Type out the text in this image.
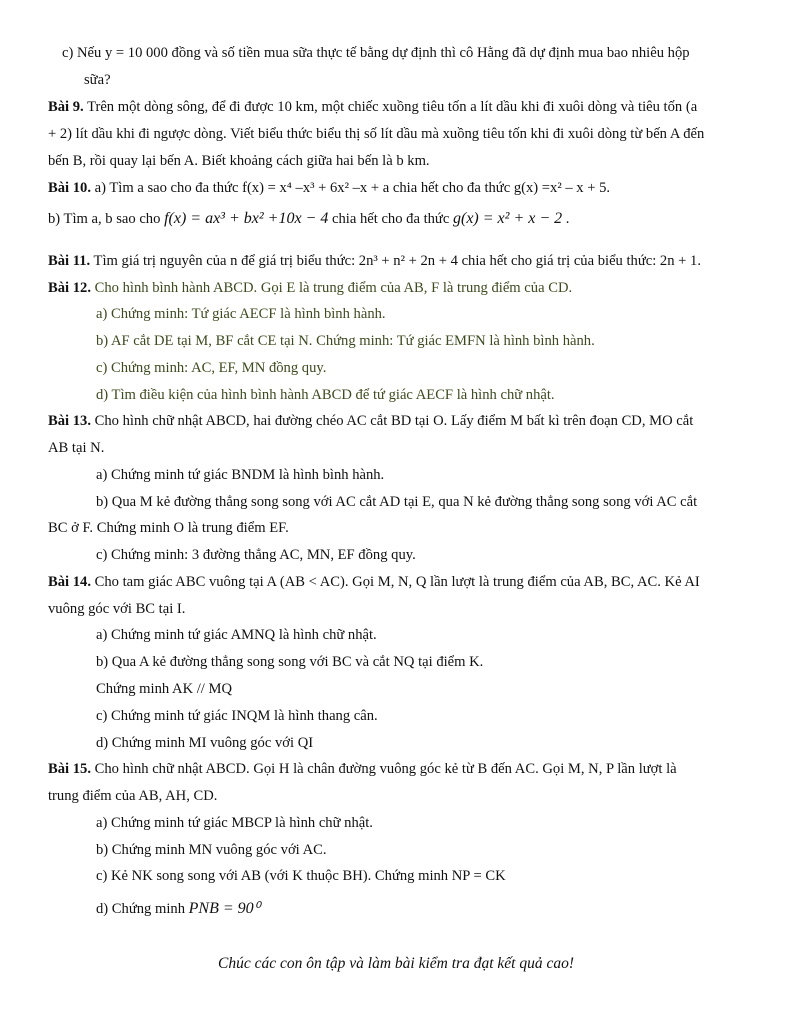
c) Nếu y = 10 000 đồng và số tiền mua sữa thực tế bằng dự định thì cô Hằng đã dự định mua bao nhiêu hộp
sữa?
Bài 9. Trên một dòng sông, để đi được 10 km, một chiếc xuồng tiêu tốn a lít dầu khi đi xuôi dòng và tiêu tốn (a
+ 2) lít dầu khi đi ngược dòng. Viết biểu thức biểu thị số lít dầu mà xuồng tiêu tốn khi đi xuôi dòng từ bến A đến
bến B, rồi quay lại bến A. Biết khoảng cách giữa hai bến là b km.
Bài 10. a) Tìm a sao cho đa thức f(x) = x⁴ –x³ + 6x² –x + a chia hết cho đa thức g(x) =x² – x + 5.
b) Tìm a, b sao cho f(x) = ax³ + bx² +10x − 4 chia hết cho đa thức g(x) = x² + x − 2 .
Bài 11. Tìm giá trị nguyên của n để giá trị biểu thức: 2n³ + n² + 2n + 4 chia hết cho giá trị của biểu thức: 2n + 1.
Bài 12. Cho hình bình hành ABCD. Gọi E là trung điểm của AB, F là trung điểm của CD.
a) Chứng minh: Tứ giác AECF là hình bình hành.
b) AF cắt DE tại M, BF cắt CE tại N. Chứng minh: Tứ giác EMFN là hình bình hành.
c) Chứng minh: AC, EF, MN đồng quy.
d) Tìm điều kiện của hình bình hành ABCD để tứ giác AECF là hình chữ nhật.
Bài 13. Cho hình chữ nhật ABCD, hai đường chéo AC cắt BD tại O. Lấy điểm M bất kì trên đoạn CD, MO cắt
AB tại N.
a) Chứng minh tứ giác BNDM là hình bình hành.
b) Qua M kẻ đường thẳng song song với AC cắt AD tại E, qua N kẻ đường thẳng song song với AC cắt
BC ở F. Chứng minh O là trung điểm EF.
c) Chứng minh: 3 đường thẳng AC, MN, EF đồng quy.
Bài 14. Cho tam giác ABC vuông tại A (AB < AC). Gọi M, N, Q lần lượt là trung điểm của AB, BC, AC. Kẻ AI
vuông góc với BC tại I.
a) Chứng minh tứ giác AMNQ là hình chữ nhật.
b) Qua A kẻ đường thẳng song song với BC và cắt NQ tại điểm K.
Chứng minh AK // MQ
c) Chứng minh tứ giác INQM là hình thang cân.
d) Chứng minh MI vuông góc với QI
Bài 15. Cho hình chữ nhật ABCD. Gọi H là chân đường vuông góc kẻ từ B đến AC. Gọi M, N, P lần lượt là
trung điểm của AB, AH, CD.
a) Chứng minh tứ giác MBCP là hình chữ nhật.
b) Chứng minh MN vuông góc với AC.
c) Kẻ NK song song với AB (với K thuộc BH). Chứng minh NP = CK
d) Chứng minh PNB = 90⁰
Chúc các con ôn tập và làm bài kiểm tra đạt kết quả cao!
